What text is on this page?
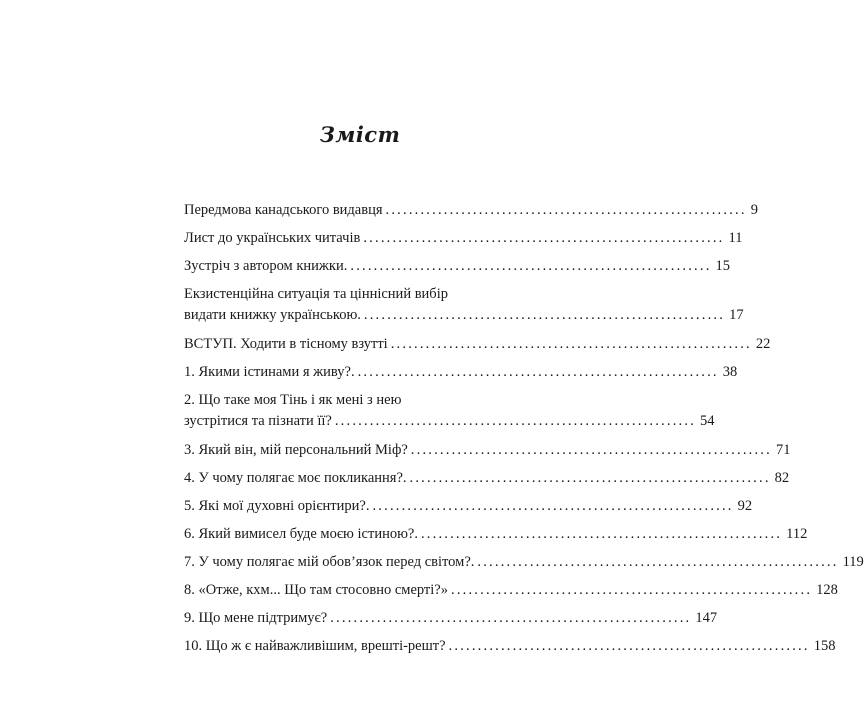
Зміст
Передмова канадського видавця .............................................................. 9
Лист до українських читачів .............................................................. 11
Зустріч з автором книжки. .............................................................. 15
Екзистенційна ситуація та ціннісний вибір
видати книжку українською. .............................................................. 17
ВСТУП. Ходити в тісному взутті .............................................................. 22
1. Якими істинами я живу?. .............................................................. 38
2. Що таке моя Тінь і як мені з нею
зустрітися та пізнати її? .............................................................. 54
3. Який він, мій персональний Міф? .............................................................. 71
4. У чому полягає моє покликання?. .............................................................. 82
5. Які мої духовні орієнтири?. .............................................................. 92
6. Який вимисел буде моєю істиною?. .............................................................. 112
7. У чому полягає мій обов’язок перед світом?. .............................................................. 119
8. «Отже, кхм... Що там стосовно смерті?» .............................................................. 128
9. Що мене підтримує? .............................................................. 147
10. Що ж є найважливішим, врешті-решт? .............................................................. 158
